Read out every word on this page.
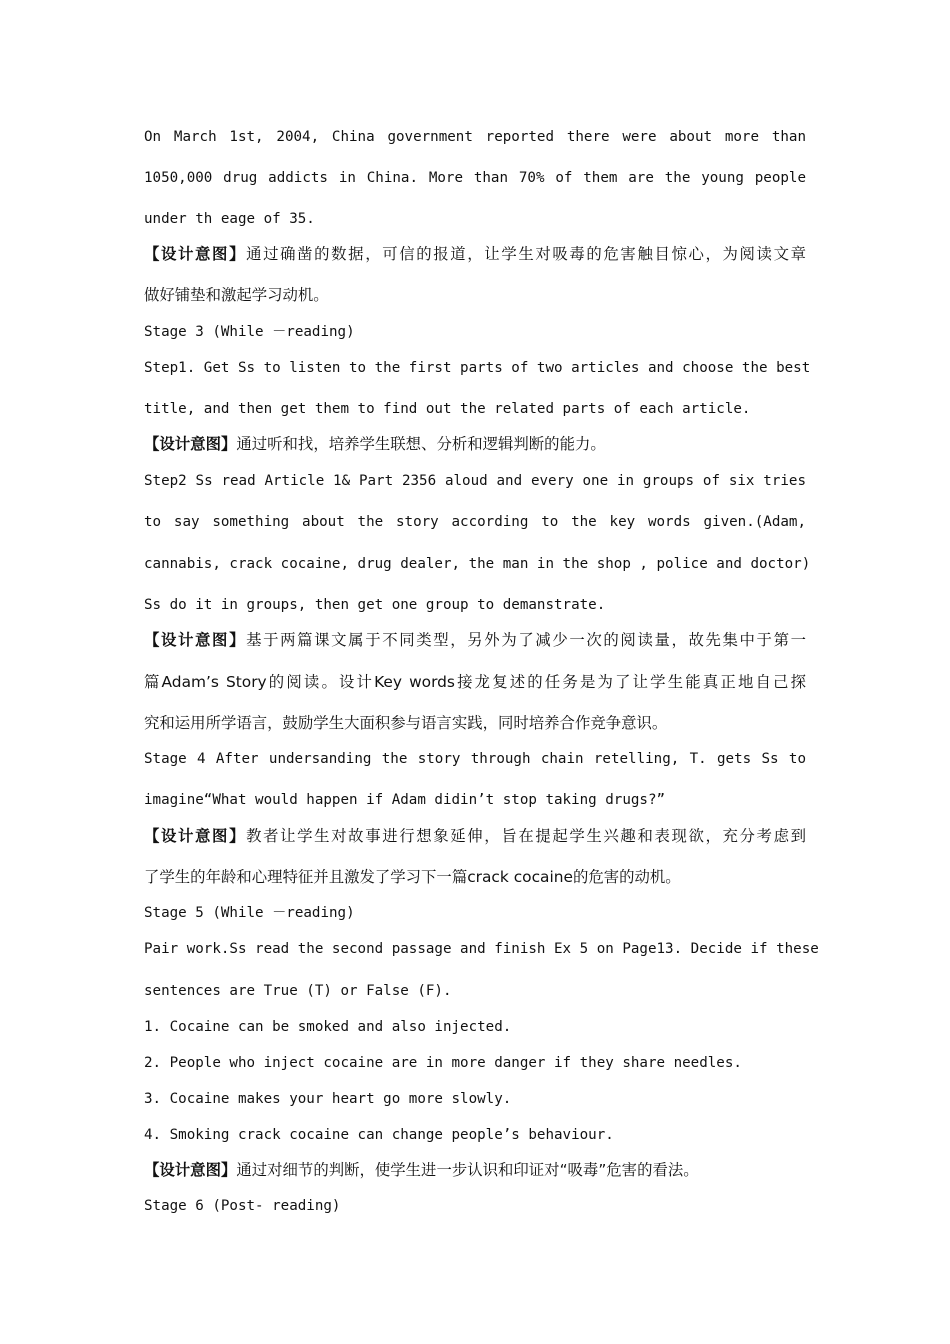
On March 1st, 2004, China government reported there were about more than
1050,000 drug addicts in China. More than 70% of them are the young people
under th eage of 35.
【设计意图】通过确凿的数据，可信的报道，让学生对吸毒的危害触目惊心，为阅读文章
做好铺垫和激起学习动机。
Stage 3 (While －reading)
Step1. Get Ss to listen to the first parts of two articles and choose the best
title, and then get them to find out the related parts of each article.
【设计意图】通过听和找，培养学生联想、分析和逻辑判断的能力。
Step2 Ss read Article 1& Part 2356 aloud and every one in groups of six tries
to say something about the story according to the key words given.(Adam,
cannabis, crack cocaine, drug dealer, the man in the shop , police and doctor)
Ss do it in groups, then get one group to demanstrate.
【设计意图】基于两篇课文属于不同类型，另外为了减少一次的阅读量，故先集中于第一
篇Adam’s Story的阅读。设计Key words接龙复述的任务是为了让学生能真正地自己探
究和运用所学语言，鼓励学生大面积参与语言实践，同时培养合作竞争意识。
Stage 4 After undersanding the story through chain retelling, T. gets Ss to
imagine“What would happen if Adam didin’t stop taking drugs?”
【设计意图】教者让学生对故事进行想象延伸，旨在提起学生兴趣和表现欲，充分考虑到
了学生的年龄和心理特征并且激发了学习下一篇crack cocaine的危害的动机。
Stage 5 (While －reading)
Pair work.Ss read the second passage and finish Ex 5 on Page13. Decide if these
sentences are True (T) or False (F).
1. Cocaine can be smoked and also injected.
2. People who inject cocaine are in more danger if they share needles.
3. Cocaine makes your heart go more slowly.
4. Smoking crack cocaine can change people’s behaviour.
【设计意图】通过对细节的判断，使学生进一步认识和印证对“吸毒”危害的看法。
Stage 6 (Post- reading)
